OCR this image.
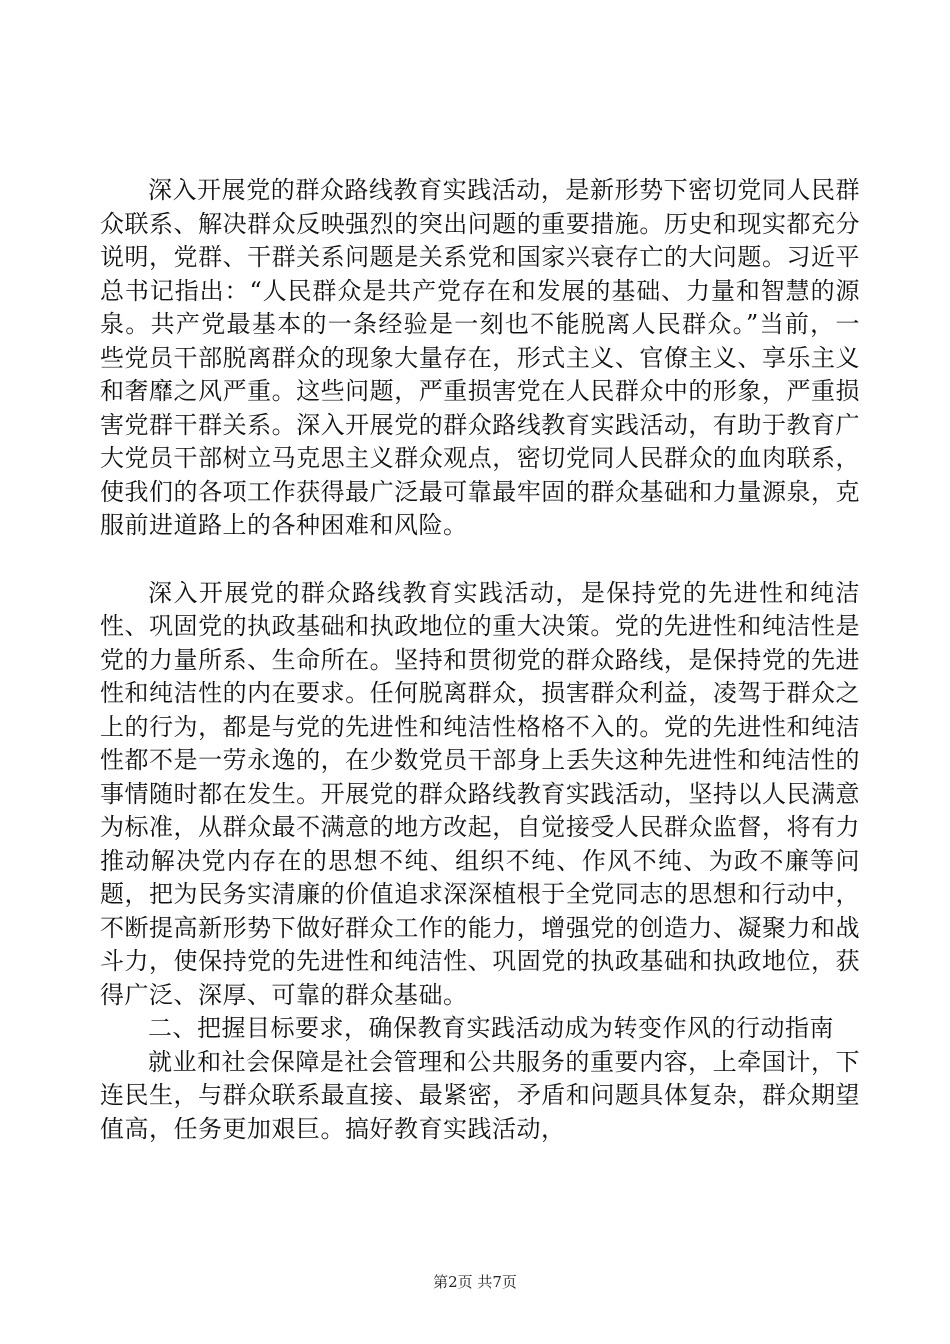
深入开展党的群众路线教育实践活动，是新形势下密切党同人民群众联系、解决群众反映强烈的突出问题的重要措施。历史和现实都充分说明，党群、干群关系问题是关系党和国家兴衰存亡的大问题。习近平总书记指出：“人民群众是共产党存在和发展的基础、力量和智慧的源泉。共产党最基本的一条经验是一刻也不能脱离人民群众。”当前，一些党员干部脱离群众的现象大量存在，形式主义、官僚主义、享乐主义和奢靡之风严重。这些问题，严重损害党在人民群众中的形象，严重损害党群干群关系。深入开展党的群众路线教育实践活动，有助于教育广大党员干部树立马克思主义群众观点，密切党同人民群众的血肉联系，使我们的各项工作获得最广泛最可靠最牢固的群众基础和力量源泉，克服前进道路上的各种困难和风险。

深入开展党的群众路线教育实践活动，是保持党的先进性和纯洁性、巩固党的执政基础和执政地位的重大决策。党的先进性和纯洁性是党的力量所系、生命所在。坚持和贯彻党的群众路线，是保持党的先进性和纯洁性的内在要求。任何脱离群众，损害群众利益，凌驾于群众之上的行为，都是与党的先进性和纯洁性格格不入的。党的先进性和纯洁性都不是一劳永逸的，在少数党员干部身上丢失这种先进性和纯洁性的事情随时都在发生。开展党的群众路线教育实践活动，坚持以人民满意为标准，从群众最不满意的地方改起，自觉接受人民群众监督，将有力推动解决党内存在的思想不纯、组织不纯、作风不纯、为政不廉等问题，把为民务实清廉的价值追求深深植根于全党同志的思想和行动中，不断提高新形势下做好群众工作的能力，增强党的创造力、凝聚力和战斗力，使保持党的先进性和纯洁性、巩固党的执政基础和执政地位，获得广泛、深厚、可靠的群众基础。

二、把握目标要求，确保教育实践活动成为转变作风的行动指南

就业和社会保障是社会管理和公共服务的重要内容，上牵国计，下连民生，与群众联系最直接、最紧密，矛盾和问题具体复杂，群众期望值高，任务更加艰巨。搞好教育实践活动，

第2页 共7页
